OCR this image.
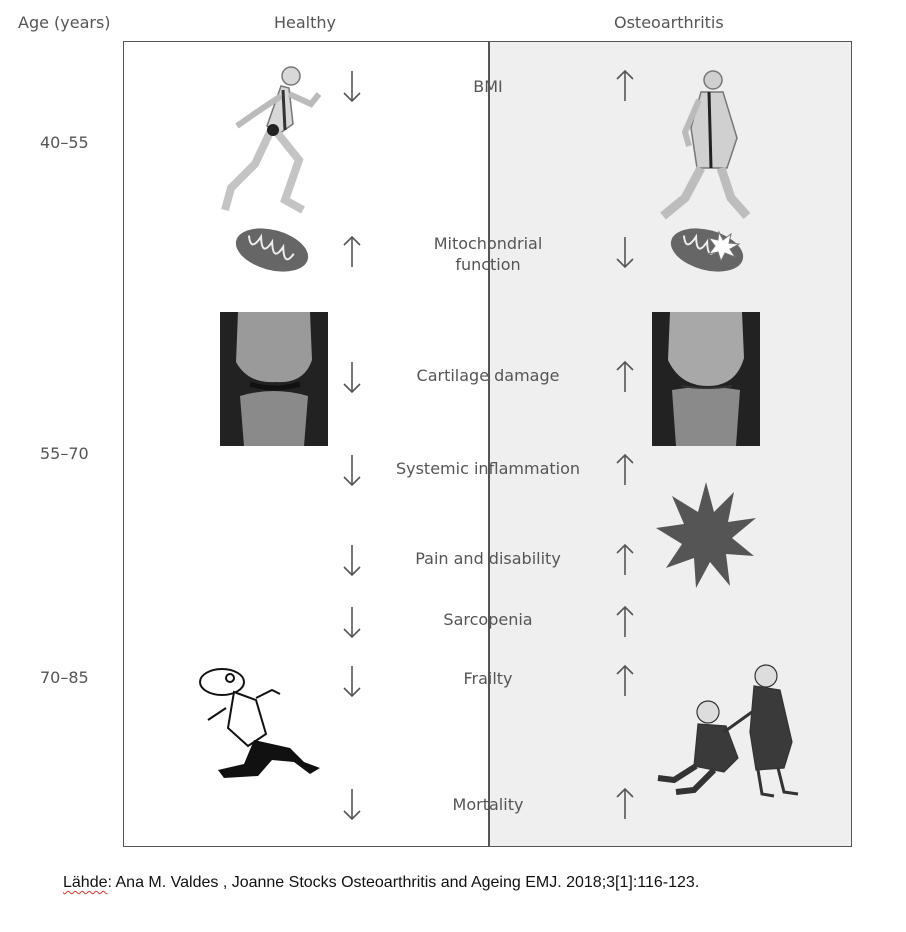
Age (years)	Healthy	Osteoarthritis
40–55
55–70
70–85
BMI
Mitochondrial
function
Cartilage damage
Systemic inflammation
Pain and disability
Sarcopenia
Frailty
Mortality
Lähde: Ana M. Valdes , Joanne Stocks Osteoarthritis and Ageing EMJ. 2018;3[1]:116-123.
